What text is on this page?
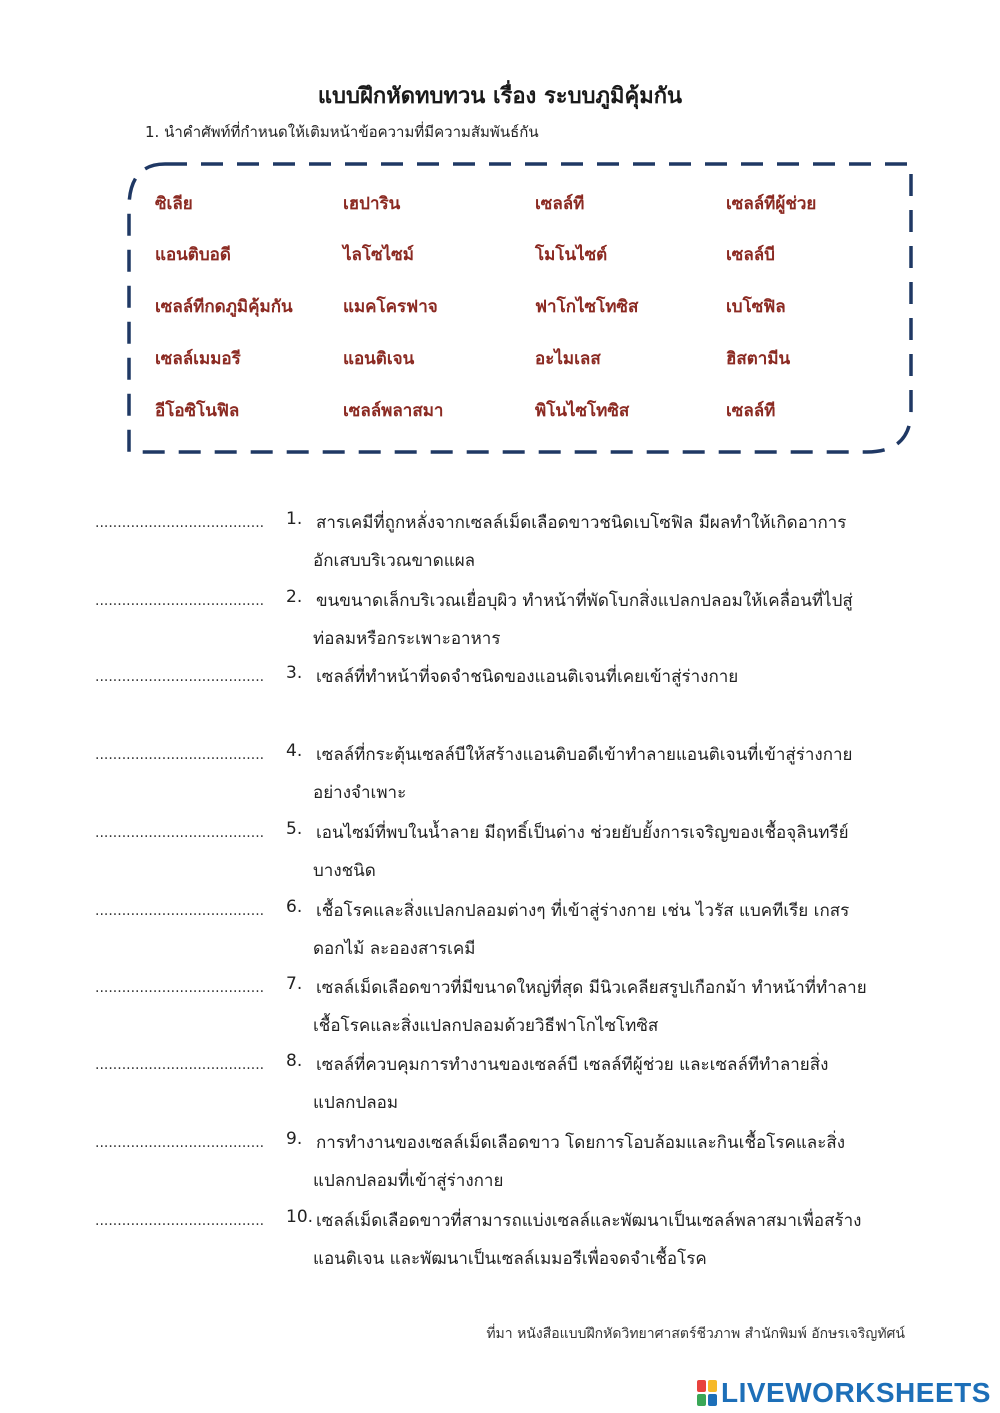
แบบฝึกหัดทบทวน เรื่อง ระบบภูมิคุ้มกัน
1. นำคำศัพท์ที่กำหนดให้เติมหน้าข้อความที่มีความสัมพันธ์กัน
ซิเลีย	เฮปาริน	เซลล์ที	เซลล์ทีผู้ช่วย
แอนติบอดี	ไลโซไซม์	โมโนไซต์	เซลล์บี
เซลล์ทีกดภูมิคุ้มกัน	แมคโครฟาจ	ฟาโกไซโทซิส	เบโซฟิล
เซลล์เมมอรี	แอนติเจน	อะไมเลส	ฮิสตามีน
อีโอซิโนฟิล	เซลล์พลาสมา	พิโนไซโทซิส	เซลล์ที
...................................... 1. สารเคมีที่ถูกหลั่งจากเซลล์เม็ดเลือดขาวชนิดเบโซฟิล มีผลทำให้เกิดอาการ
อักเสบบริเวณขาดแผล
...................................... 2. ขนขนาดเล็กบริเวณเยื่อบุผิว ทำหน้าที่พัดโบกสิ่งแปลกปลอมให้เคลื่อนที่ไปสู่
ท่อลมหรือกระเพาะอาหาร
...................................... 3. เซลล์ที่ทำหน้าที่จดจำชนิดของแอนติเจนที่เคยเข้าสู่ร่างกาย
...................................... 4. เซลล์ที่กระตุ้นเซลล์บีให้สร้างแอนติบอดีเข้าทำลายแอนติเจนที่เข้าสู่ร่างกาย
อย่างจำเพาะ
...................................... 5. เอนไซม์ที่พบในน้ำลาย มีฤทธิ์เป็นด่าง ช่วยยับยั้งการเจริญของเชื้อจุลินทรีย์
บางชนิด
...................................... 6. เชื้อโรคและสิ่งแปลกปลอมต่างๆ ที่เข้าสู่ร่างกาย เช่น ไวรัส แบคทีเรีย เกสร
ดอกไม้ ละอองสารเคมี
...................................... 7. เซลล์เม็ดเลือดขาวที่มีขนาดใหญ่ที่สุด มีนิวเคลียสรูปเกือกม้า ทำหน้าที่ทำลาย
เชื้อโรคและสิ่งแปลกปลอมด้วยวิธีฟาโกไซโทซิส
...................................... 8. เซลล์ที่ควบคุมการทำงานของเซลล์บี เซลล์ทีผู้ช่วย และเซลล์ทีทำลายสิ่ง
แปลกปลอม
...................................... 9. การทำงานของเซลล์เม็ดเลือดขาว โดยการโอบล้อมและกินเชื้อโรคและสิ่ง
แปลกปลอมที่เข้าสู่ร่างกาย
...................................... 10. เซลล์เม็ดเลือดขาวที่สามารถแบ่งเซลล์และพัฒนาเป็นเซลล์พลาสมาเพื่อสร้าง
แอนติเจน และพัฒนาเป็นเซลล์เมมอรีเพื่อจดจำเชื้อโรค
ที่มา หนังสือแบบฝึกหัดวิทยาศาสตร์ชีวภาพ สำนักพิมพ์ อักษรเจริญทัศน์
LIVEWORKSHEETS
